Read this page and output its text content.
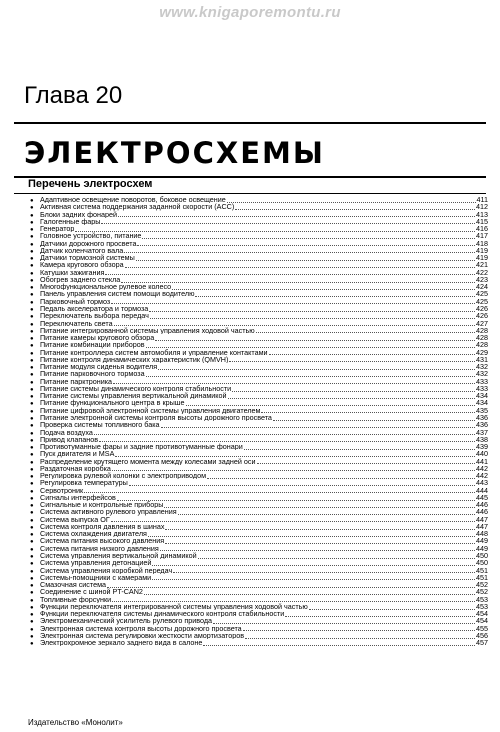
www.knigaporemontu.ru
Глава 20
ЭЛЕКТРОСХЕМЫ
Перечень электросхем
● Адаптивное освещение поворотов, боковое освещение	411
● Активная система поддержания заданной скорости (ACC)	412
● Блоки задних фонарей	413
● Галогенные фары	415
● Генератор	416
● Головное устройство, питание	417
● Датчики дорожного просвета	418
● Датчик коленчатого вала	419
● Датчики тормозной системы	419
● Камера кругового обзора	421
● Катушки зажигания	422
● Обогрев заднего стекла	423
● Многофункциональное рулевое колесо	424
● Панель управления систем помощи водителю	425
● Парковочный тормоз	425
● Педаль акселератора и тормоза	426
● Переключатель выбора передач	426
● Переключатель света	427
● Питание интегрированной системы управления ходовой частью	428
● Питание камеры кругового обзора	428
● Питание комбинации приборов	428
● Питание контроллера систем автомобиля и управление контактами	429
● Питание контроля динамических характеристик (QMVH)	431
● Питание модуля сиденья водителя	432
● Питание парковочного тормоза	432
● Питание парктроника	433
● Питание системы динамического контроля стабильности	433
● Питание системы управления вертикальной динамикой	434
● Питание функционального центра в крыше	434
● Питание цифровой электронной системы управления двигателем	435
● Питание электронной системы контроля высоты дорожного просвета	436
● Проверка системы топливного бака	436
● Подача воздуха	437
● Привод клапанов	438
● Противотуманные фары и задние противотуманные фонари	439
● Пуск двигателя и MSA	440
● Распределение крутящего момента между колесами задней оси	441
● Раздаточная коробка	442
● Регулировка рулевой колонки с электроприводом	442
● Регулировка температуры	443
● Сервотроник	444
● Сигналы интерфейсов	445
● Сигнальные и контрольные приборы	446
● Система активного рулевого управления	446
● Система выпуска ОГ	447
● Система контроля давления в шинах	447
● Система охлаждения двигателя	448
● Система питания высокого давления	449
● Система питания низкого давления	449
● Система управления вертикальной динамикой	450
● Система управления детонацией	450
● Система управления коробкой передач	451
● Системы-помощники с камерами	451
● Смазочная система	452
● Соединение с шиной PT-CAN2	452
● Топливные форсунки	453
● Функции переключателя интегрированной системы управления ходовой частью	453
● Функции переключателя системы динамического контроля стабильности	454
● Электромеханический усилитель рулевого привода	454
● Электронная система контроля высоты дорожного просвета	455
● Электронная система регулировки жесткости амортизаторов	456
● Электрохромное зеркало заднего вида в салоне	457
Издательство «Монолит»
